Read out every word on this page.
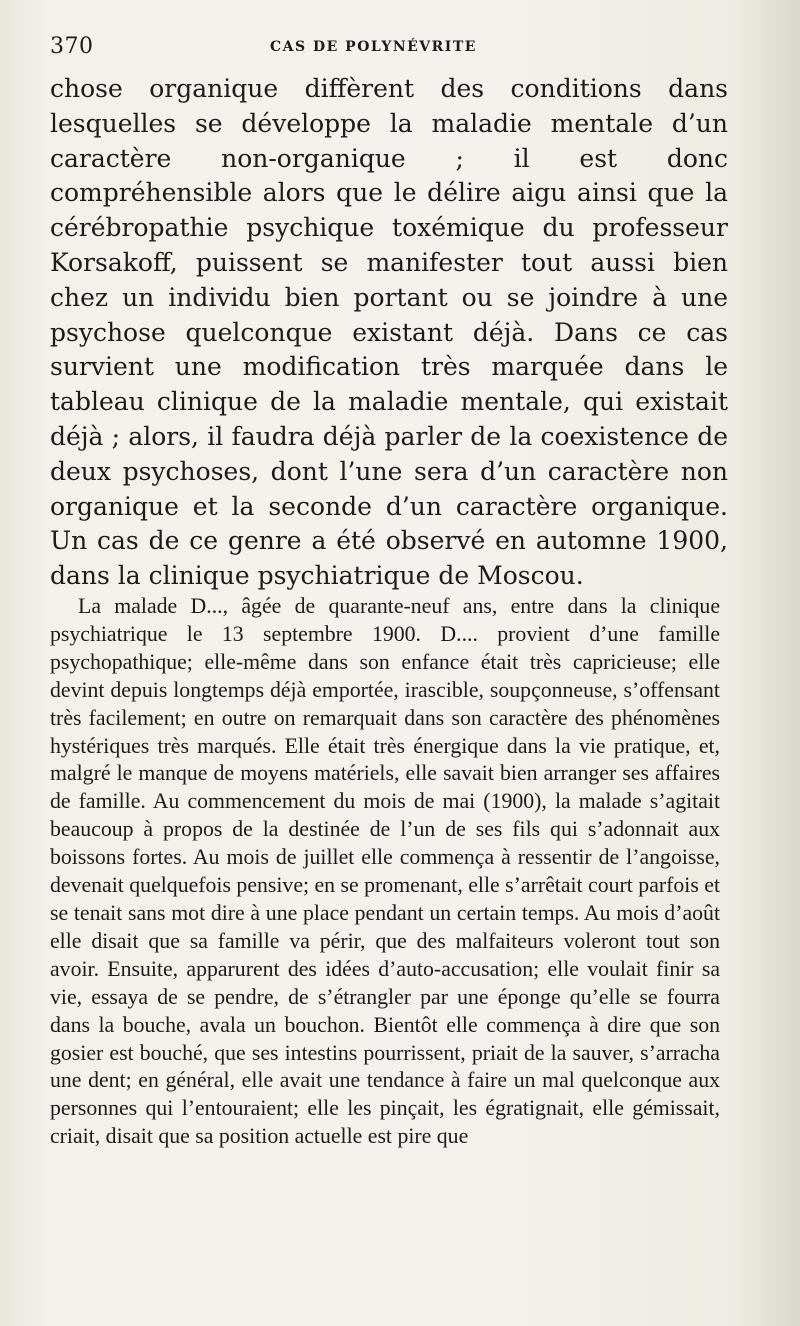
370	CAS DE POLYNÉVRITE

chose organique diffèrent des conditions dans lesquelles se développe la maladie mentale d’un caractère non-organique ; il est donc compréhensible alors que le délire aigu ainsi que la cérébropathie psychique toxémique du professeur Korsakoff, puissent se manifester tout aussi bien chez un individu bien portant ou se joindre à une psychose quelconque existant déjà. Dans ce cas survient une modification très marquée dans le tableau clinique de la maladie mentale, qui existait déjà ; alors, il faudra déjà parler de la coexistence de deux psychoses, dont l’une sera d’un caractère non organique et la seconde d’un caractère organique. Un cas de ce genre a été observé en automne 1900, dans la clinique psychiatrique de Moscou.

La malade D..., âgée de quarante-neuf ans, entre dans la clinique psychiatrique le 13 septembre 1900. D.... provient d’une famille psychopathique; elle-même dans son enfance était très capricieuse; elle devint depuis longtemps déjà emportée, irascible, soupçonneuse, s’offensant très facilement; en outre on remarquait dans son caractère des phénomènes hystériques très marqués. Elle était très énergique dans la vie pratique, et, malgré le manque de moyens matériels, elle savait bien arranger ses affaires de famille. Au commencement du mois de mai (1900), la malade s’agitait beaucoup à propos de la destinée de l’un de ses fils qui s’adonnait aux boissons fortes. Au mois de juillet elle commença à ressentir de l’angoisse, devenait quelquefois pensive; en se promenant, elle s’arrêtait court parfois et se tenait sans mot dire à une place pendant un certain temps. Au mois d’août elle disait que sa famille va périr, que des malfaiteurs voleront tout son avoir. Ensuite, apparurent des idées d’auto-accusation; elle voulait finir sa vie, essaya de se pendre, de s’étrangler par une éponge qu’elle se fourra dans la bouche, avala un bouchon. Bientôt elle commença à dire que son gosier est bouché, que ses intestins pourrissent, priait de la sauver, s’arracha une dent; en général, elle avait une tendance à faire un mal quelconque aux personnes qui l’entouraient; elle les pinçait, les égratignait, elle gémissait, criait, disait que sa position actuelle est pire que
